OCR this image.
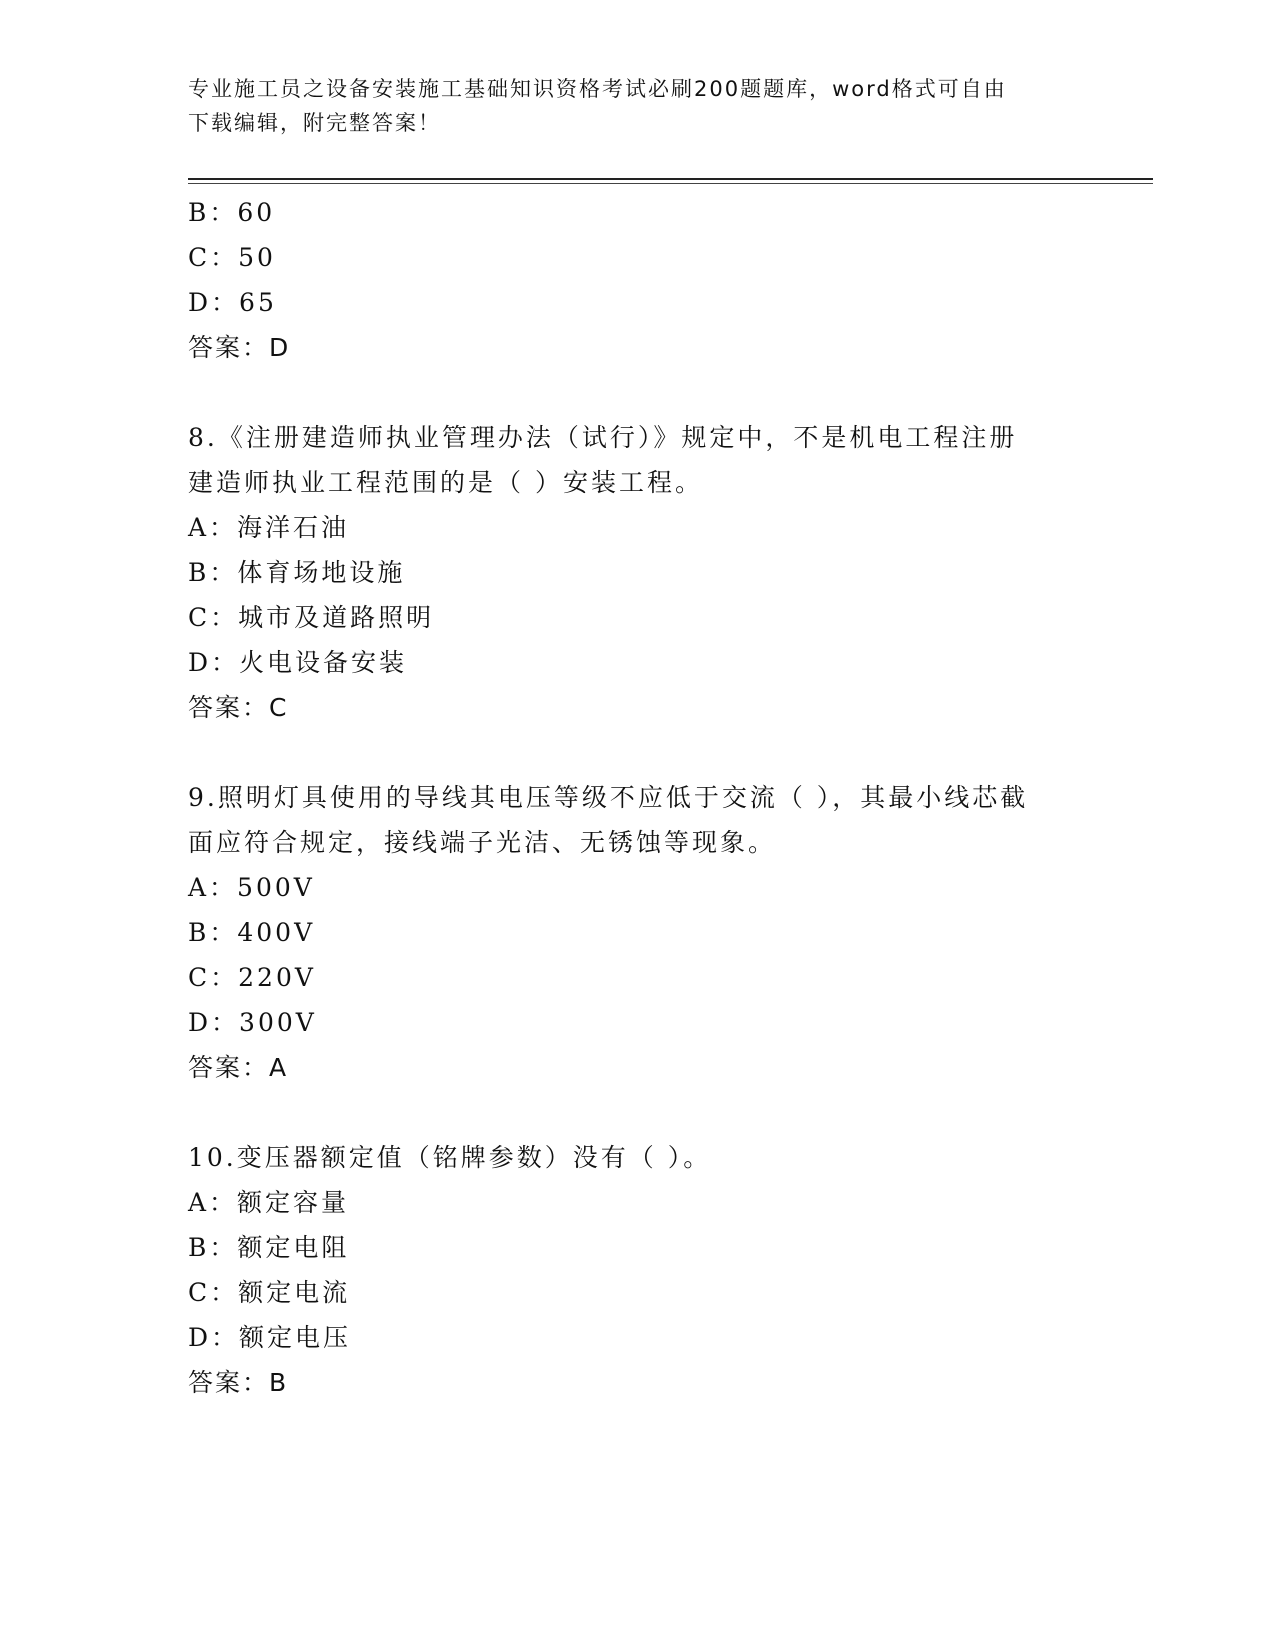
专业施工员之设备安装施工基础知识资格考试必刷200题题库，word格式可自由
下载编辑，附完整答案！
B：60
C：50
D：65
答案：D
8.《注册建造师执业管理办法（试行）》规定中，不是机电工程注册
建造师执业工程范围的是（ ）安装工程。
A：海洋石油
B：体育场地设施
C：城市及道路照明
D：火电设备安装
答案：C
9.照明灯具使用的导线其电压等级不应低于交流（ ），其最小线芯截
面应符合规定，接线端子光洁、无锈蚀等现象。
A：500V
B：400V
C：220V
D：300V
答案：A
10.变压器额定值（铭牌参数）没有（ ）。
A：额定容量
B：额定电阻
C：额定电流
D：额定电压
答案：B
